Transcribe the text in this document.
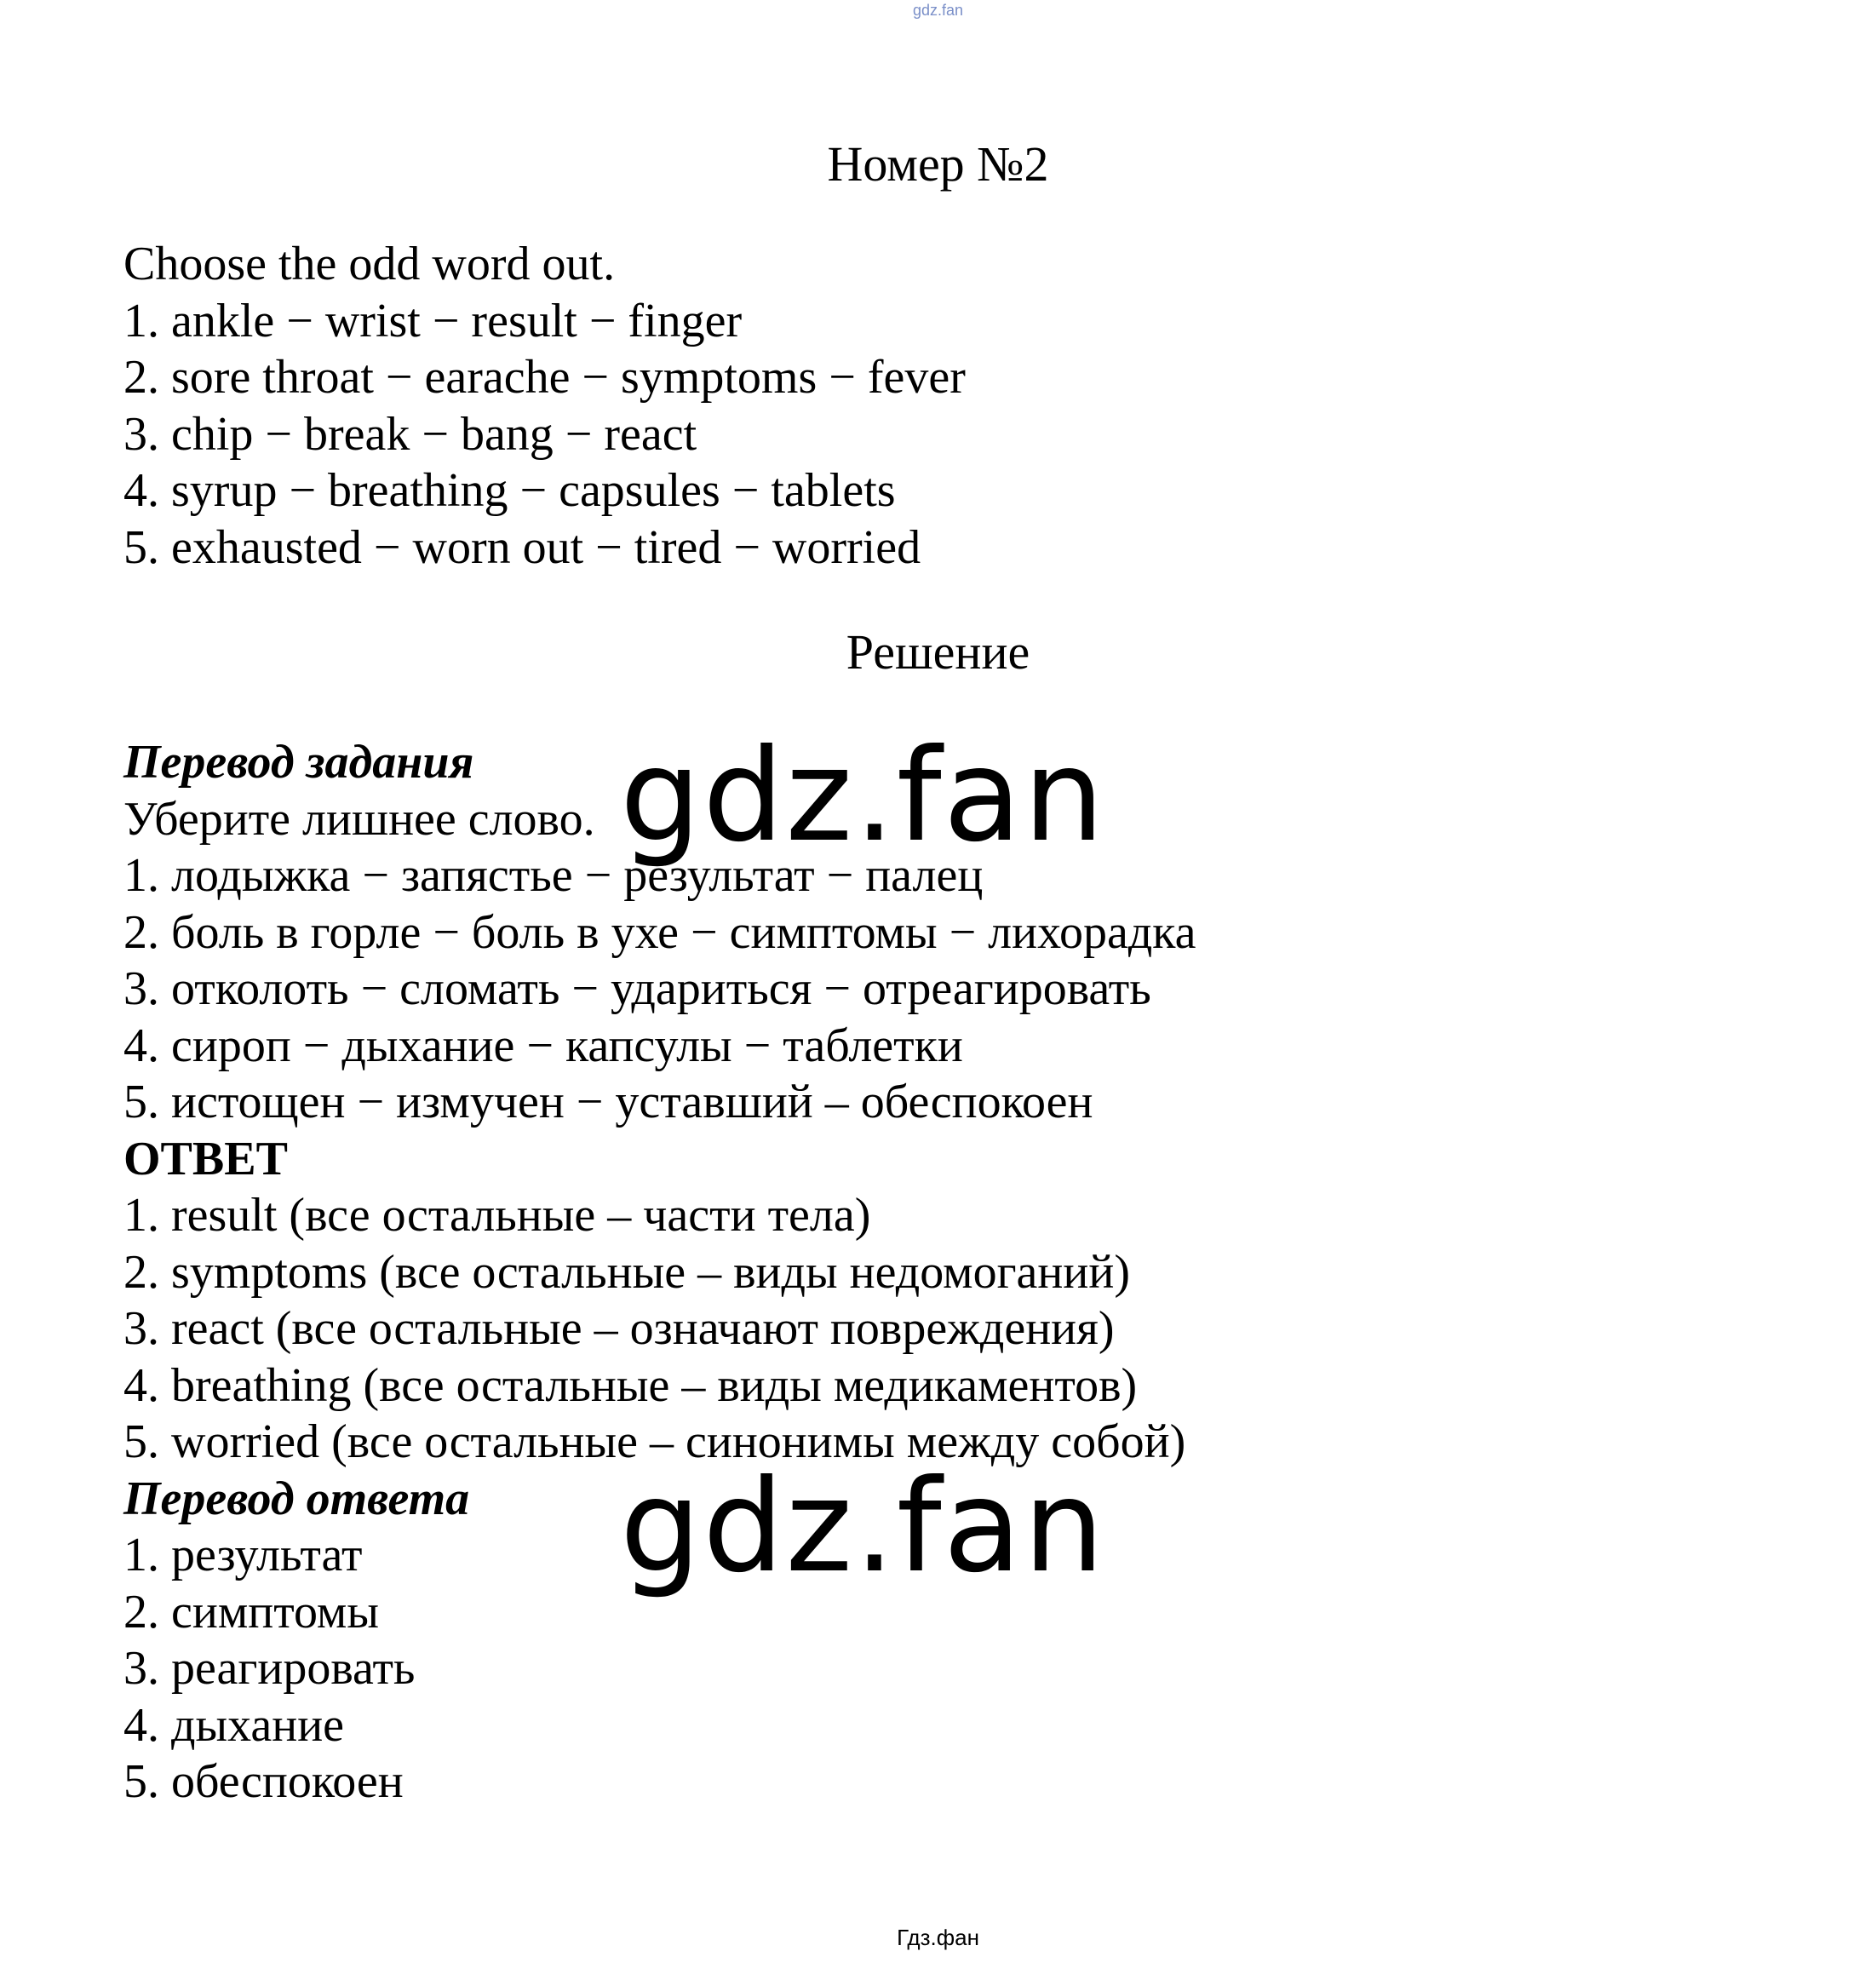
gdz.fan
Номер №2
Choose the odd word out.
1. ankle − wrist − result − finger
2. sore throat − earache − symptoms − fever
3. chip − break − bang − react
4. syrup − breathing − capsules − tablets
5. exhausted − worn out − tired − worried
Решение
Перевод задания
Уберите лишнее слово.
1. лодыжка − запястье − результат − палец
2. боль в горле − боль в ухе − симптомы − лихорадка
3. отколоть − сломать − удариться − отреагировать
4. сироп − дыхание − капсулы − таблетки
5. истощен − измучен − уставший – обеспокоен
ОТВЕТ
1. result (все остальные – части тела)
2. symptoms (все остальные – виды недомоганий)
3. react (все остальные – означают повреждения)
4. breathing (все остальные – виды медикаментов)
5. worried (все остальные – синонимы между собой)
Перевод ответа
1. результат
2. симптомы
3. реагировать
4. дыхание
5. обеспокоен
gdz.fan
gdz.fan
Гдз.фан
